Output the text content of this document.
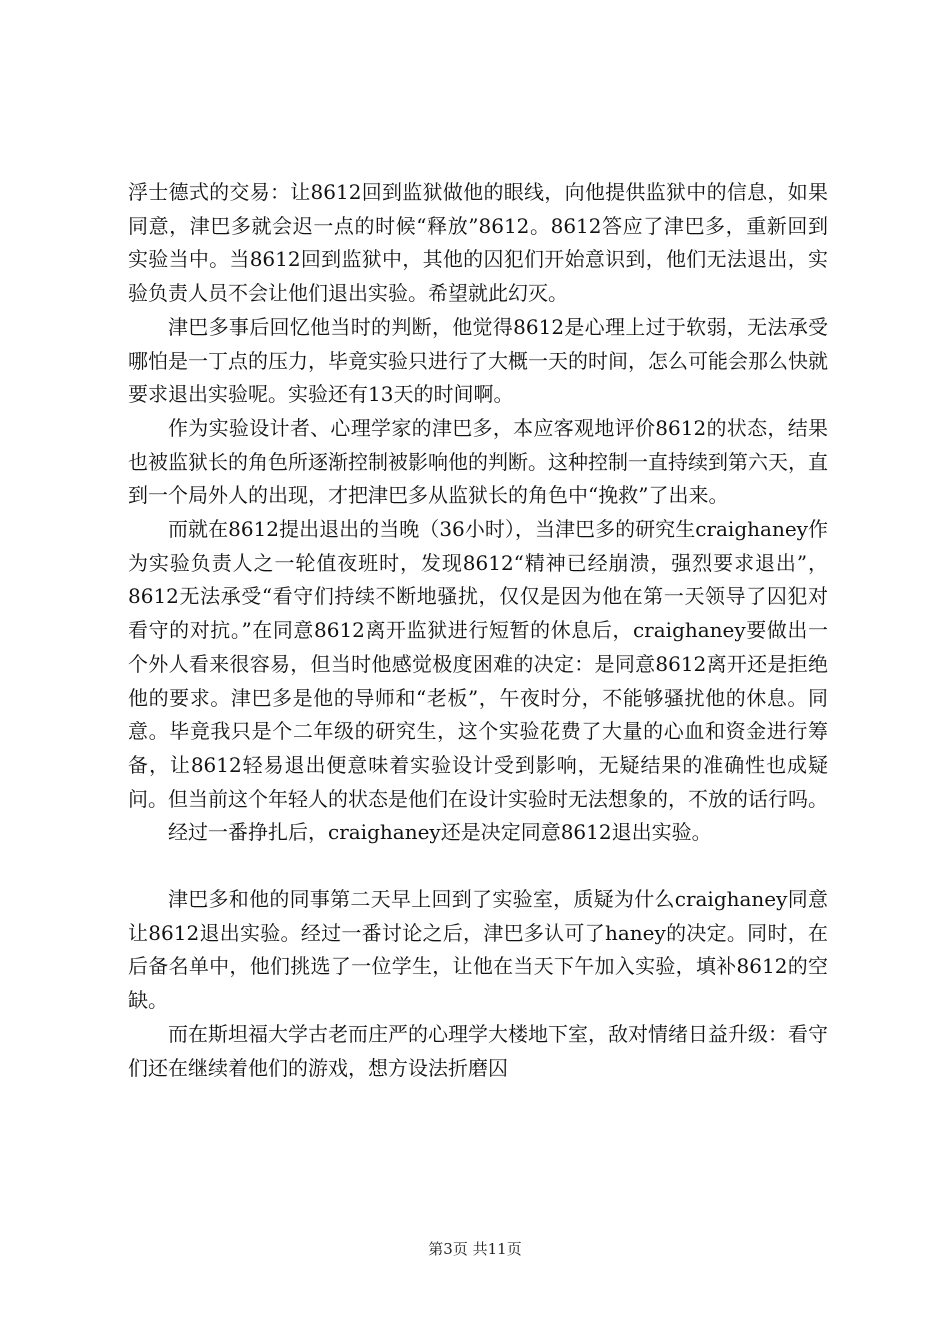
浮士德式的交易：让8612回到监狱做他的眼线，向他提供监狱中的信息，如果同意，津巴多就会迟一点的时候“释放”8612。8612答应了津巴多，重新回到实验当中。当8612回到监狱中，其他的囚犯们开始意识到，他们无法退出，实验负责人员不会让他们退出实验。希望就此幻灭。

津巴多事后回忆他当时的判断，他觉得8612是心理上过于软弱，无法承受哪怕是一丁点的压力，毕竟实验只进行了大概一天的时间，怎么可能会那么快就要求退出实验呢。实验还有13天的时间啊。

作为实验设计者、心理学家的津巴多，本应客观地评价8612的状态，结果也被监狱长的角色所逐渐控制被影响他的判断。这种控制一直持续到第六天，直到一个局外人的出现，才把津巴多从监狱长的角色中“挽救”了出来。

而就在8612提出退出的当晚（36小时），当津巴多的研究生craighaney作为实验负责人之一轮值夜班时，发现8612“精神已经崩溃，强烈要求退出”，8612无法承受“看守们持续不断地骚扰，仅仅是因为他在第一天领导了囚犯对看守的对抗。”在同意8612离开监狱进行短暂的休息后，craighaney要做出一个外人看来很容易，但当时他感觉极度困难的决定：是同意8612离开还是拒绝他的要求。津巴多是他的导师和“老板”，午夜时分，不能够骚扰他的休息。同意。毕竟我只是个二年级的研究生，这个实验花费了大量的心血和资金进行筹备，让8612轻易退出便意味着实验设计受到影响，无疑结果的准确性也成疑问。但当前这个年轻人的状态是他们在设计实验时无法想象的，不放的话行吗。

经过一番挣扎后，craighaney还是决定同意8612退出实验。

津巴多和他的同事第二天早上回到了实验室，质疑为什么craighaney同意让8612退出实验。经过一番讨论之后，津巴多认可了haney的决定。同时，在后备名单中，他们挑选了一位学生，让他在当天下午加入实验，填补8612的空缺。

而在斯坦福大学古老而庄严的心理学大楼地下室，敌对情绪日益升级：看守们还在继续着他们的游戏，想方设法折磨囚

第3页 共11页
